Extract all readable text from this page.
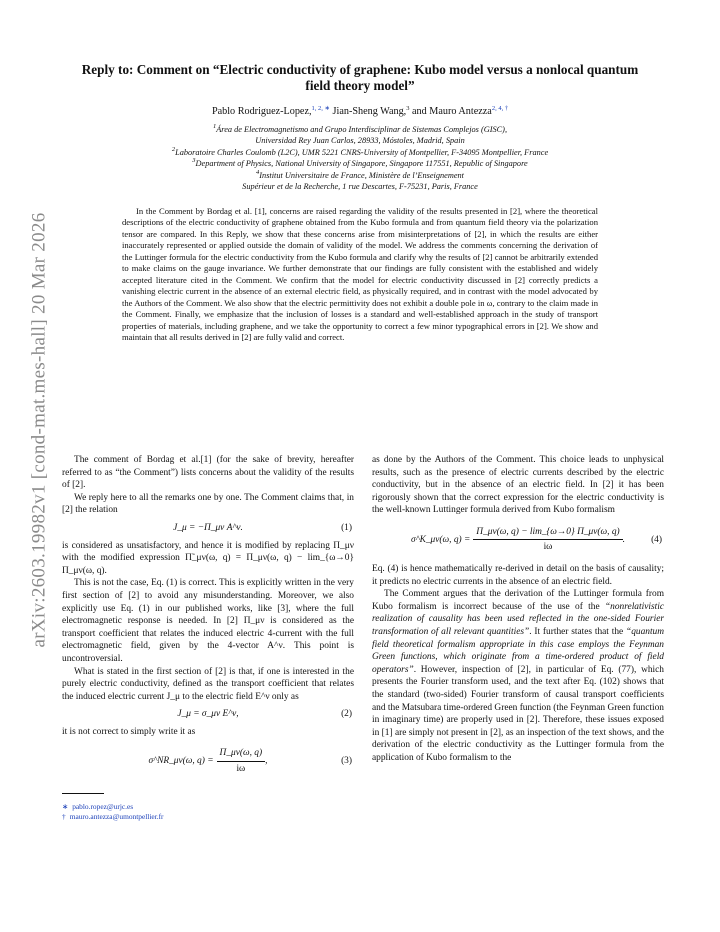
arXiv:2603.19982v1 [cond-mat.mes-hall] 20 Mar 2026
Reply to: Comment on “Electric conductivity of graphene: Kubo model versus a nonlocal quantum field theory model”
Pablo Rodriguez-Lopez,$^{1, 2, ∗}$ Jian-Sheng Wang,$^3$ and Mauro Antezza$^{2, 4, \dagger}$
$^1$Área de Electromagnetismo and Grupo Interdisciplinar de Sistemas Complejos (GISC),
Universidad Rey Juan Carlos, 28933, Móstoles, Madrid, Spain
$^2$Laboratoire Charles Coulomb (L2C), UMR 5221 CNRS-University of Montpellier, F-34095 Montpellier, France
$^3$Department of Physics, National University of Singapore, Singapore 117551, Republic of Singapore
$^4$Institut Universitaire de France, Ministère de l’Enseignement
Supérieur et de la Recherche, 1 rue Descartes, F-75231, Paris, France
In the Comment by Bordag et al. [1], concerns are raised regarding the validity of the results presented in [2], where the theoretical descriptions of the electric conductivity of graphene obtained from the Kubo formula and from quantum field theory via the polarization tensor are compared. In this Reply, we show that these concerns arise from misinterpretations of [2], in which the results are either inaccurately represented or applied outside the domain of validity of the model. We address the comments concerning the derivation of the Luttinger formula for the electric conductivity from the Kubo formula and clarify why the results of [2] cannot be arbitrarily extended to make claims on the gauge invariance. We further demonstrate that our findings are fully consistent with the established and widely accepted literature cited in the Comment. We confirm that the model for electric conductivity discussed in [2] correctly predicts a vanishing electric current in the absence of an external electric field, as physically required, and in contrast with the model advocated by the Authors of the Comment. We also show that the electric permittivity does not exhibit a double pole in ω, contrary to the claim made in the Comment. Finally, we emphasize that the inclusion of losses is a standard and well-established approach in the study of transport properties of materials, including graphene, and we take the opportunity to correct a few minor typographical errors in [2]. We show and maintain that all results derived in [2] are fully valid and correct.

The comment of Bordag et al.[1] (for the sake of brevity, hereafter referred to as “the Comment”) lists concerns about the validity of the results of [2].

We reply here to all the remarks one by one. The Comment claims that, in [2] the relation

J_μ = −Π_μν A^ν.	(1)

is considered as unsatisfactory, and hence it is modified by replacing Π_μν with the modified expression Π̃_μν(ω, q) = Π_μν(ω, q) − lim_{ω→0} Π_μν(ω, q).

This is not the case, Eq. (1) is correct. This is explicitly written in the very first section of [2] to avoid any misunderstanding. Moreover, we also explicitly use Eq. (1) in our published works, like [3], where the full electromagnetic response is needed. In [2] Π_μν is considered as the transport coefficient that relates the induced electric 4-current with the full electromagnetic field, given by the 4-vector A^ν. This point is uncontroversial.

What is stated in the first section of [2] is that, if one is interested in the purely electric conductivity, defined as the transport coefficient that relates the induced electric current J_μ to the electric field E^ν only as

J_μ = σ_μν E^ν,	(2)

it is not correct to simply write it as

σ^NR_μν(ω, $q) = \frac{\Pi\_\mu\nu(\omega, q)}{i\omega}$ ,	(3)
∗ pablo.ropez@urjc.es
† mauro.antezza@umontpellier.fr

as done by the Authors of the Comment. This choice leads to unphysical results, such as the presence of electric currents described by the electric conductivity, but in the absence of an electric field. In [2] it has been rigorously shown that the correct expression for the electric conductivity is the well-known Luttinger formula derived from Kubo formalism

σ^K_μν(ω, $q) = \frac{\Pi\_\mu\nu(\omega, q) - \lim\_\{\omega\to 0\} \Pi\_\mu\nu(\omega, q)}{i\omega}$ .	(4)

Eq. (4) is hence mathematically re-derived in detail on the basis of causality; it predicts no electric currents in the absence of an electric field.

The Comment argues that the derivation of the Luttinger formula from Kubo formalism is incorrect because of the use of the “nonrelativistic realization of causality has been used reflected in the one-sided Fourier transformation of all relevant quantities”. It further states that the “quantum field theoretical formalism appropriate in this case employs the Feynman Green functions, which originate from a time-ordered product of field operators”. However, inspection of [2], in particular of Eq. (77), which presents the Fourier transform used, and the text after Eq. (102) shows that the standard (two-sided) Fourier transform of causal transport coefficients and the Matsubara time-ordered Green function (the Feynman Green function in imaginary time) are properly used in [2]. Therefore, these issues exposed in [1] are simply not present in [2], as an inspection of the text shows, and the derivation of the electric conductivity as the Luttinger formula from the application of Kubo formalism to the
